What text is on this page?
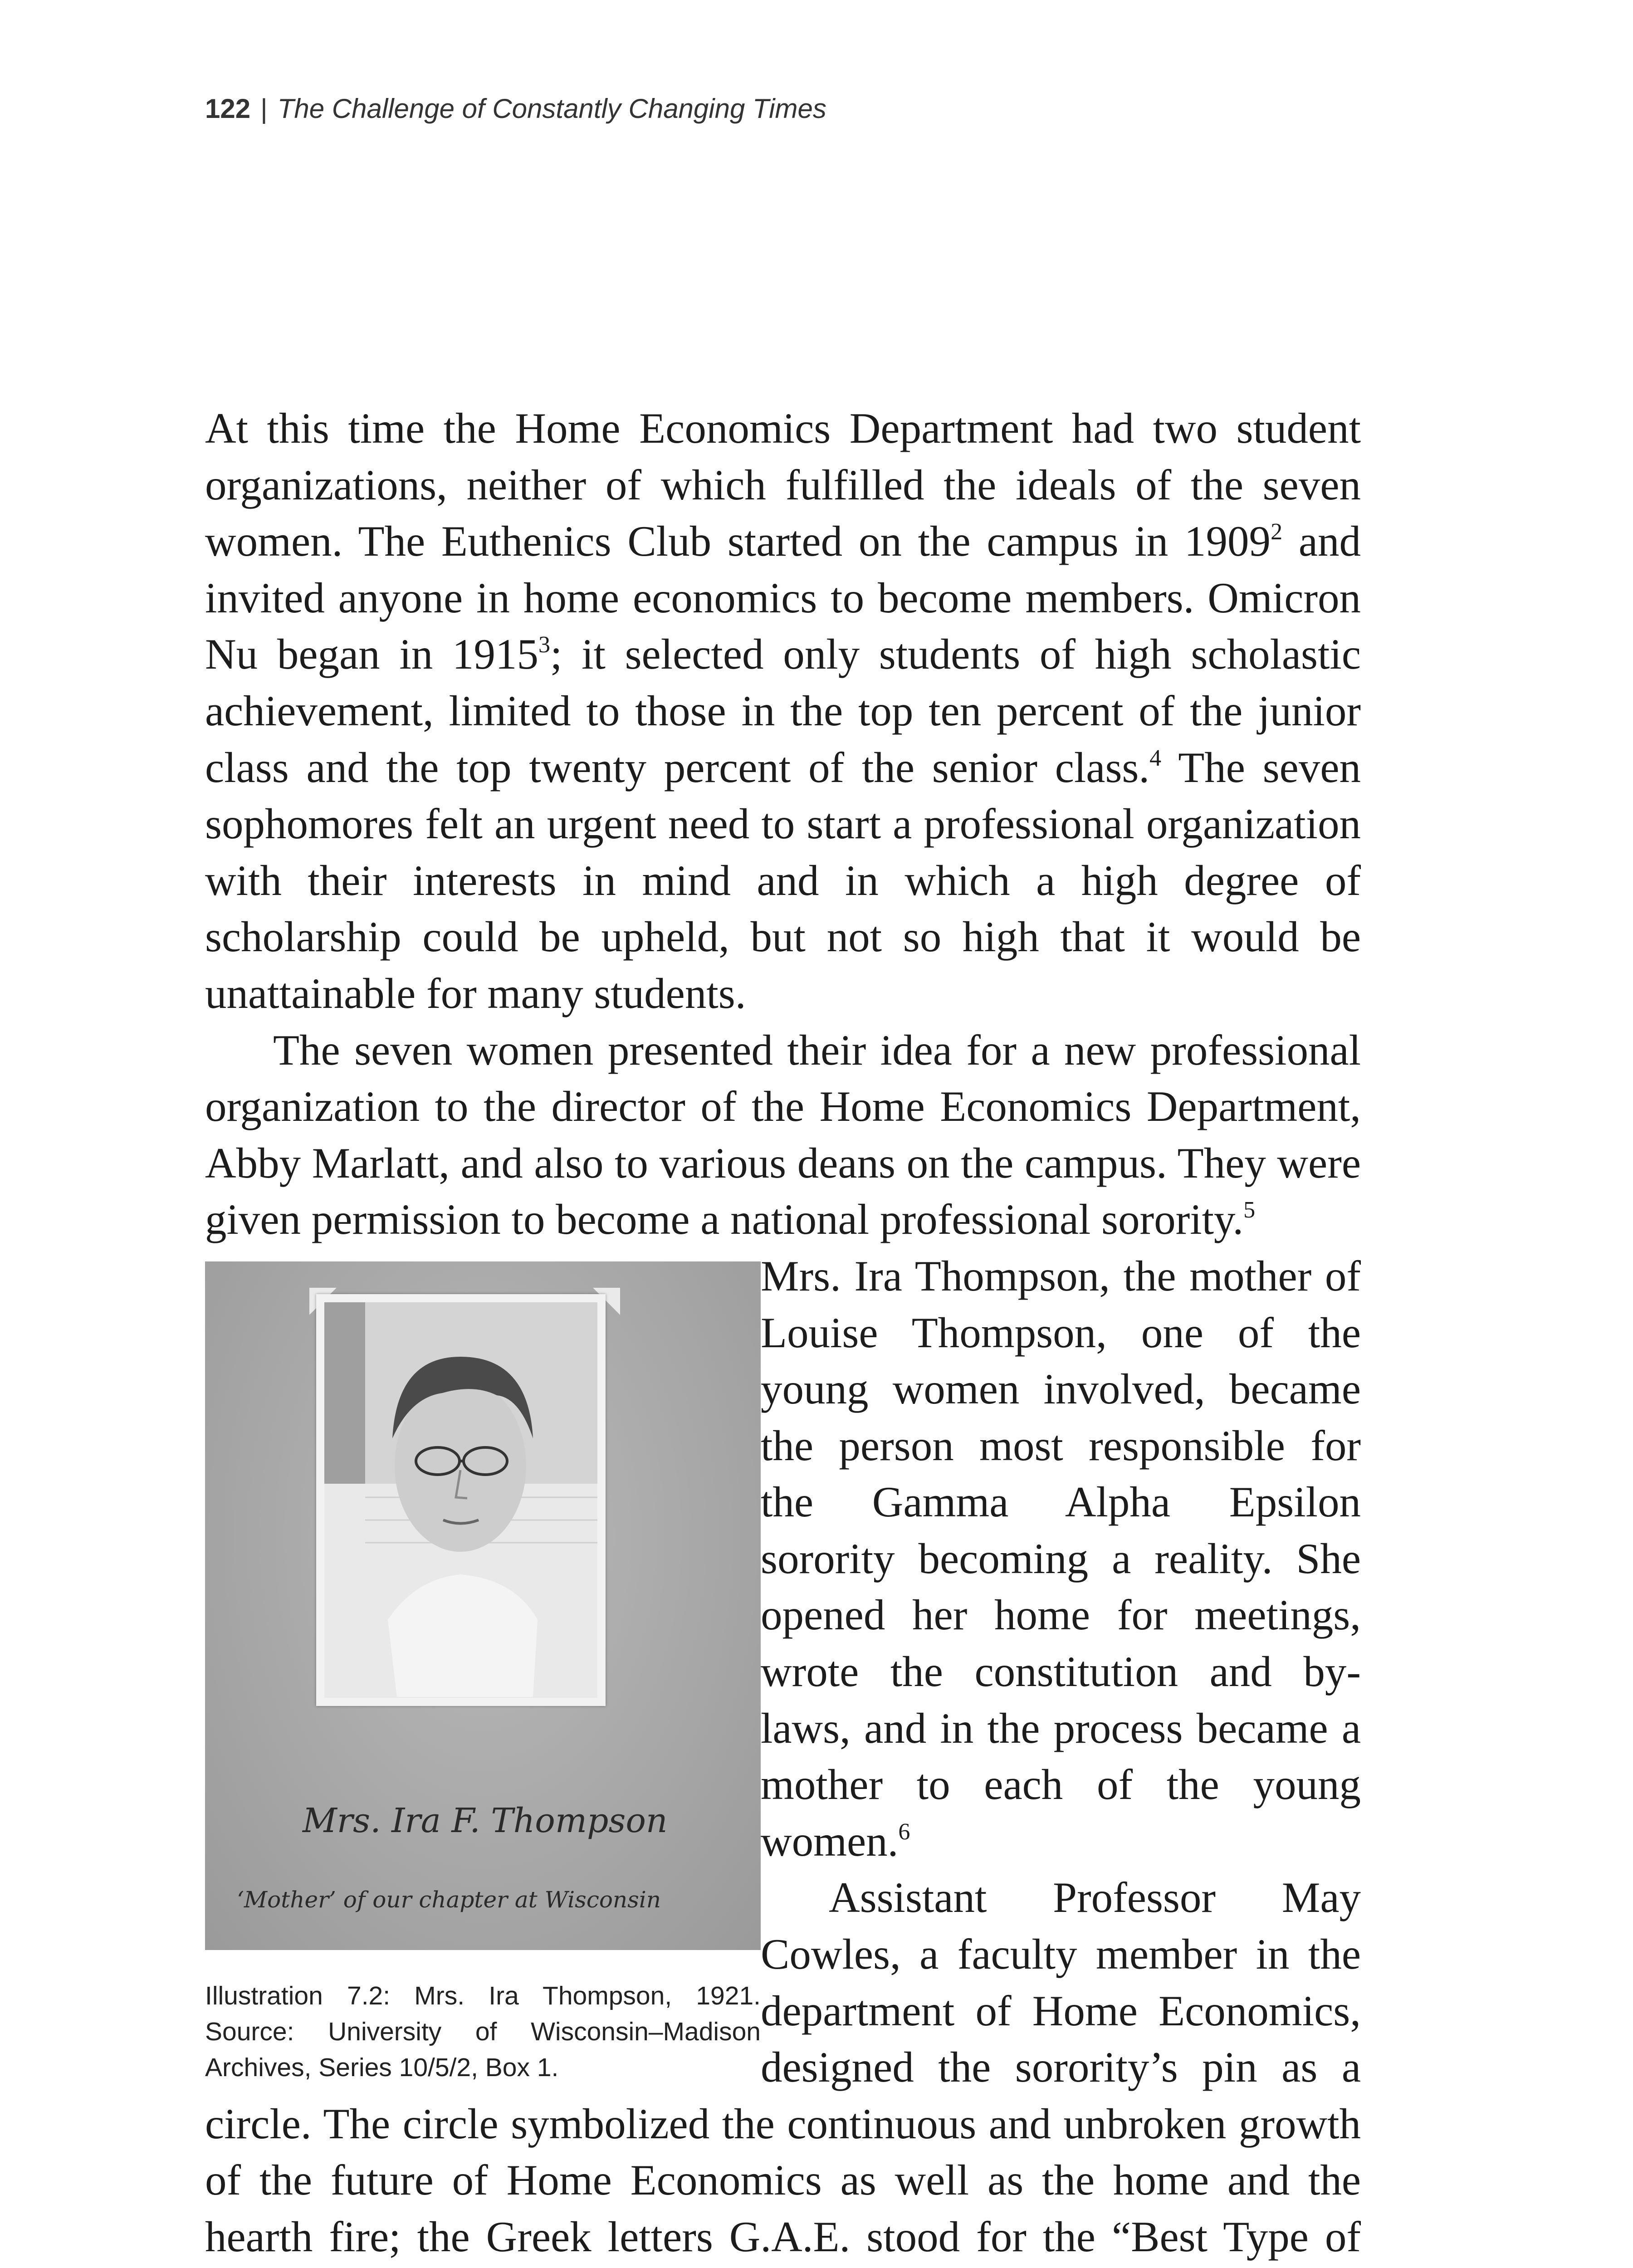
122 | The Challenge of Constantly Changing Times

At this time the Home Economics Department had two student organizations, neither of which fulfilled the ideals of the seven women. The Euthenics Club started on the campus in 1909$^2$ and invited anyone in home economics to become members. Omicron Nu began in 1915$^3$; it selected only students of high scholastic achievement, limited to those in the top ten percent of the junior class and the top twenty percent of the senior class.$^4$ The seven sophomores felt an urgent need to start a professional organization with their interests in mind and in which a high degree of scholarship could be upheld, but not so high that it would be unattainable for many students.

The seven women presented their idea for a new professional organization to the director of the Home Economics Department, Abby Marlatt, and also to various deans on the campus. They were given permission to become a national professional sorority.$^5$

Mrs. Ira F. Thompson
‘Mother’ of our chapter at Wisconsin
Illustration 7.2: Mrs. Ira Thompson, 1921. Source: University of Wisconsin–Madison Archives, Series 10/5/2, Box 1.
Mrs. Ira Thompson, the mother of Louise Thompson, one of the young women involved, became the person most responsible for the Gamma Alpha Epsilon sorority becoming a reality. She opened her home for meetings, wrote the constitution and by-laws, and in the process became a mother to each of the young women.$^6$

Assistant Professor May Cowles, a faculty member in the department of Home Economics, designed the sorority’s pin as a circle. The circle symbolized the continuous and unbroken growth of the future of Home Economics as well as the home and the hearth fire; the Greek letters G.A.E. stood for the “Best Type of
